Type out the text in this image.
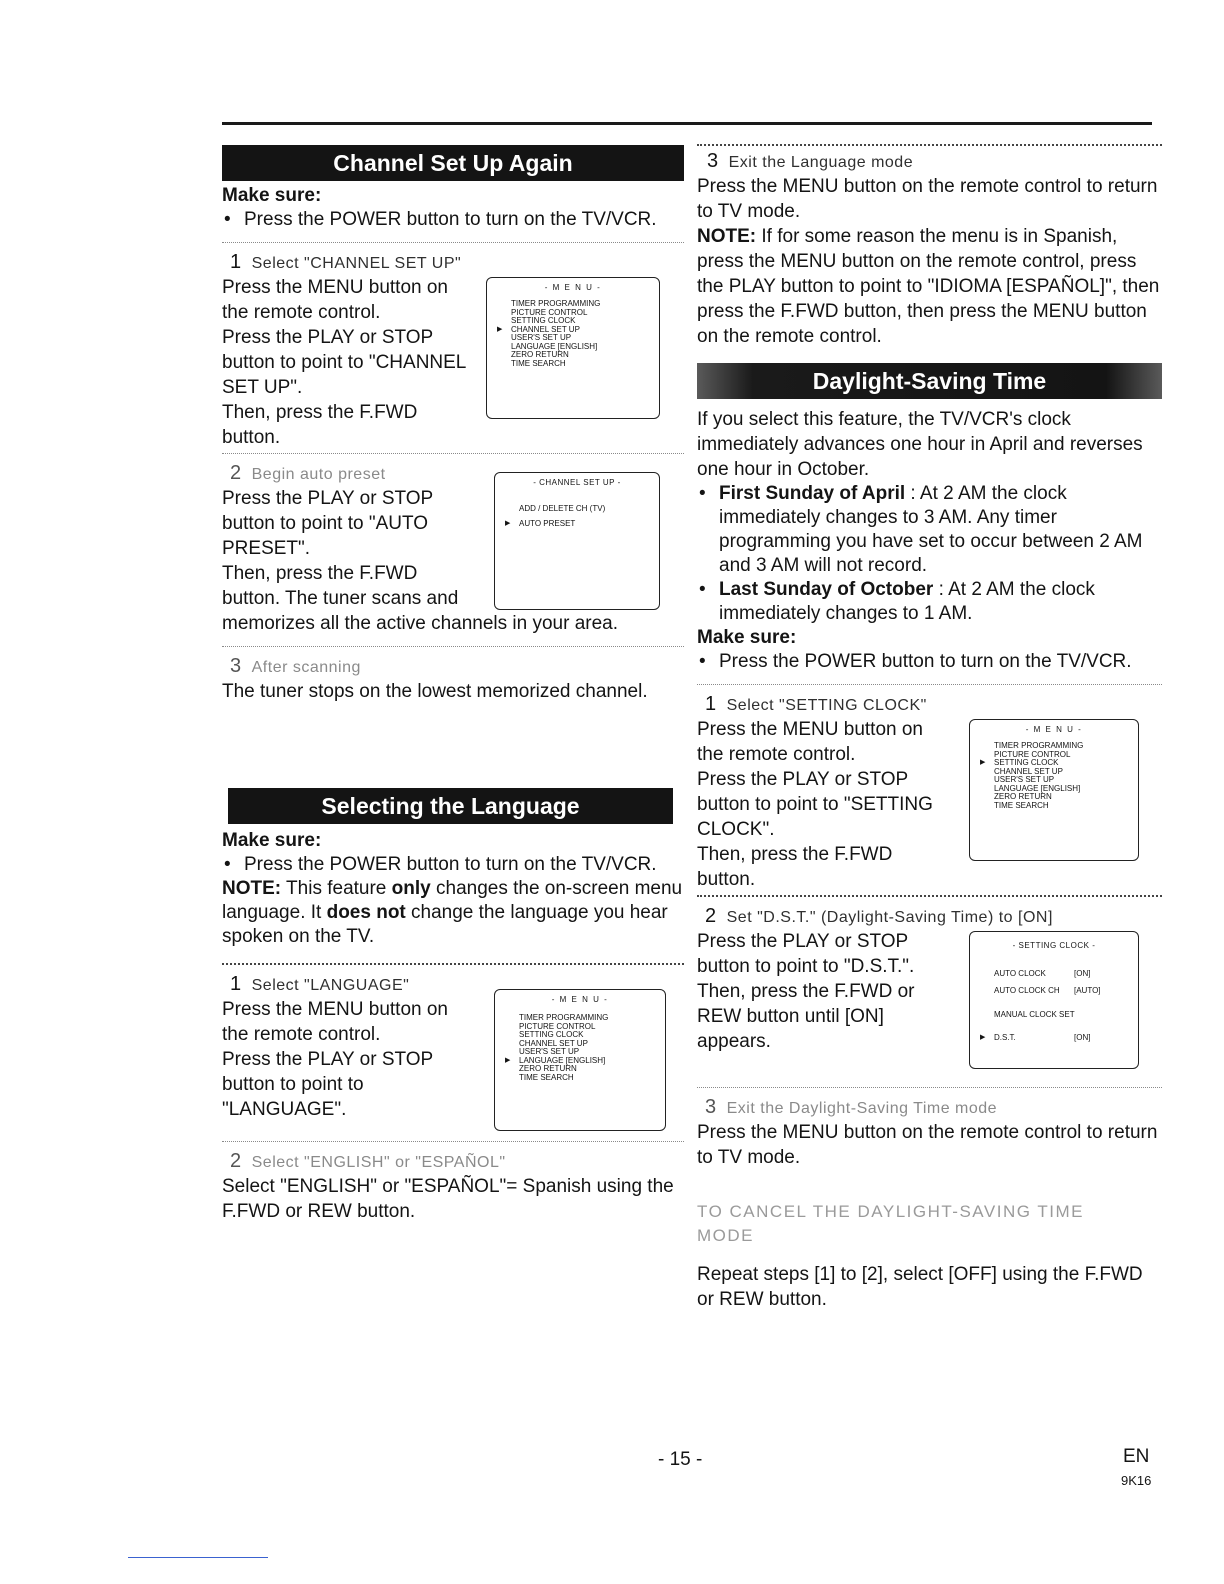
Channel Set Up Again
Make sure:
• Press the POWER button to turn on the TV/VCR.
1 Select "CHANNEL SET UP"
Press the MENU button on
the remote control.
Press the PLAY or STOP
button to point to "CHANNEL
SET UP".
Then, press the F.FWD
button.
- M E N U -
TIMER PROGRAMMING
PICTURE CONTROL
SETTING CLOCK
▶ CHANNEL SET UP
USER'S SET UP
LANGUAGE [ENGLISH]
ZERO RETURN
TIME SEARCH
2 Begin auto preset
Press the PLAY or STOP
button to point to "AUTO
PRESET".
Then, press the F.FWD
button. The tuner scans and
- CHANNEL SET UP -
ADD / DELETE CH (TV)
▶ AUTO PRESET
memorizes all the active channels in your area.
3 After scanning
The tuner stops on the lowest memorized channel.
Selecting the Language
Make sure:
• Press the POWER button to turn on the TV/VCR.
NOTE: This feature only changes the on-screen menu language. It does not change the language you hear spoken on the TV.
1 Select "LANGUAGE"
Press the MENU button on
the remote control.
Press the PLAY or STOP
button to point to
"LANGUAGE".
- M E N U -
TIMER PROGRAMMING
PICTURE CONTROL
SETTING CLOCK
CHANNEL SET UP
USER'S SET UP
▶ LANGUAGE [ENGLISH]
ZERO RETURN
TIME SEARCH
2 Select "ENGLISH" or "ESPAÑOL"
Select "ENGLISH" or "ESPAÑOL"= Spanish using the F.FWD or REW button.
3 Exit the Language mode
Press the MENU button on the remote control to return to TV mode.
NOTE: If for some reason the menu is in Spanish, press the MENU button on the remote control, press the PLAY button to point to "IDIOMA [ESPAÑOL]", then press the F.FWD button, then press the MENU button on the remote control.
Daylight-Saving Time
If you select this feature, the TV/VCR's clock immediately advances one hour in April and reverses one hour in October.
• First Sunday of April : At 2 AM the clock immediately changes to 3 AM. Any timer programming you have set to occur between 2 AM and 3 AM will not record.
• Last Sunday of October : At 2 AM the clock immediately changes to 1 AM.
Make sure:
• Press the POWER button to turn on the TV/VCR.
1 Select "SETTING CLOCK"
Press the MENU button on
the remote control.
Press the PLAY or STOP
button to point to "SETTING
CLOCK".
Then, press the F.FWD
button.
- M E N U -
TIMER PROGRAMMING
PICTURE CONTROL
▶ SETTING CLOCK
CHANNEL SET UP
USER'S SET UP
LANGUAGE [ENGLISH]
ZERO RETURN
TIME SEARCH
2 Set "D.S.T." (Daylight-Saving Time) to [ON]
Press the PLAY or STOP
button to point to "D.S.T.".
Then, press the F.FWD or
REW button until [ON]
appears.
- SETTING CLOCK -
AUTO CLOCK	[ON]
AUTO CLOCK CH [AUTO]
MANUAL CLOCK SET
▶ D.S.T.	[ON]
3 Exit the Daylight-Saving Time mode
Press the MENU button on the remote control to return to TV mode.
TO CANCEL THE DAYLIGHT-SAVING TIME MODE
Repeat steps [1] to [2], select [OFF] using the F.FWD or REW button.
- 15 -	EN
9K16
